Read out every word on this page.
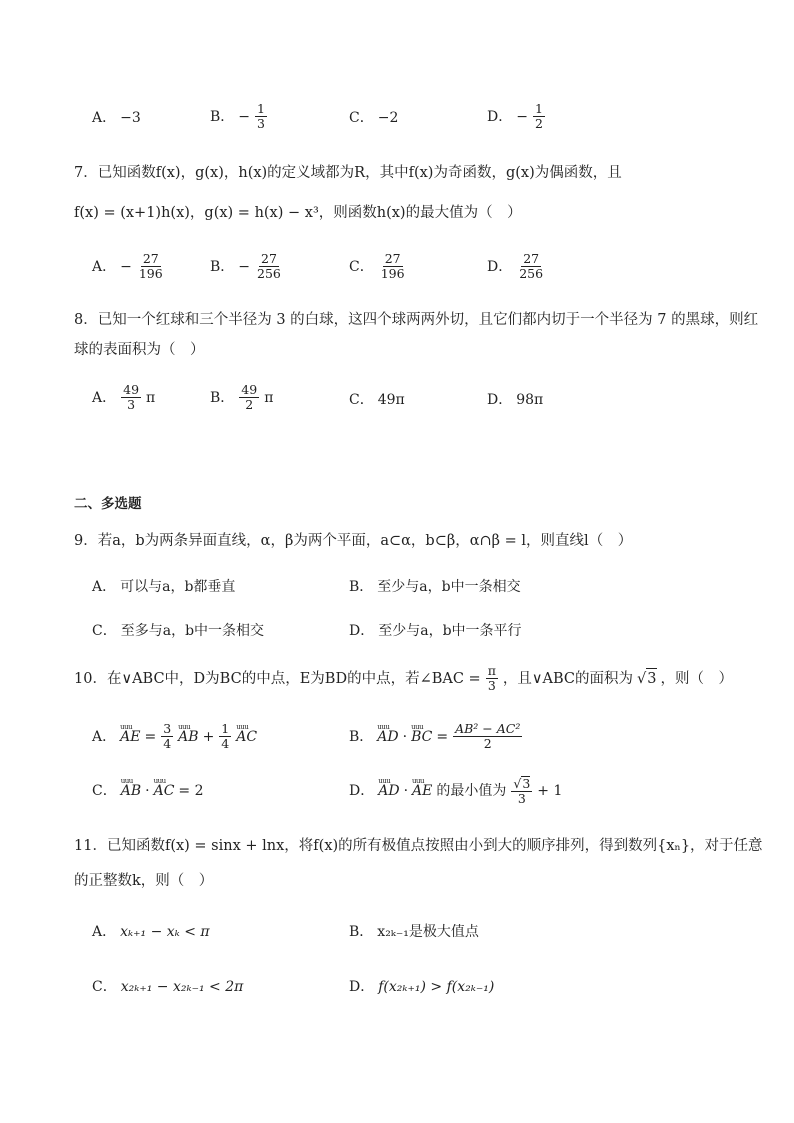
A． −3	B． − $\frac{1}{3}$	C． −2	D． − $\frac{1}{2}$
7．已知函数f(x)，g(x)，h(x)的定义域都为R，其中f(x)为奇函数，g(x)为偶函数，且
f(x) = (x+1)h(x)，g(x) = h(x) − x³，则函数h(x)的最大值为（　）
A． − $\frac{27}{196}$	B． − $\frac{27}{256}$	C． $\frac{27}{196}$	D． $\frac{27}{256}$
8．已知一个红球和三个半径为 3 的白球，这四个球两两外切，且它们都内切于一个半径为 7 的黑球，则红
球的表面积为（　）
A． $\frac{49}{3}$ π	B． $\frac{49}{2}$ π	C． 49π	D． 98π
二、多选题
9．若a，b为两条异面直线，α，β为两个平面，a⊂α，b⊂β，α∩β = l，则直线l（　）
A． 可以与a，b都垂直	B． 至少与a，b中一条相交
C． 至多与a，b中一条相交	D． 至少与a，b中一条平行
10．在∨ABC中，D为BC的中点，E为BD的中点，若∠BAC = $\frac{\pi}{3}$ ，且∨ABC的面积为 √3 ，则（　）
A． uuu AE = $\frac{3}{4}$ uuu AB + $\frac{1}{4}$ uuu AC	B． uuu AD · uuu BC = $\frac{\text{AB² − AC²}}{2}$
C． uuu AB · uuu AC = 2	D． uuu AD · uuu AE 的最小值为 $\frac{√3}{3} + 1$
11．已知函数f(x) = sinx + lnx，将f(x)的所有极值点按照由小到大的顺序排列，得到数列{xₙ}，对于任意
的正整数k，则（　）
A． xₖ₊₁ − xₖ < π	B． x₂ₖ₋₁是极大值点
C． x₂ₖ₊₁ − x₂ₖ₋₁ < 2π	D． f(x₂ₖ₊₁) > f(x₂ₖ₋₁)
